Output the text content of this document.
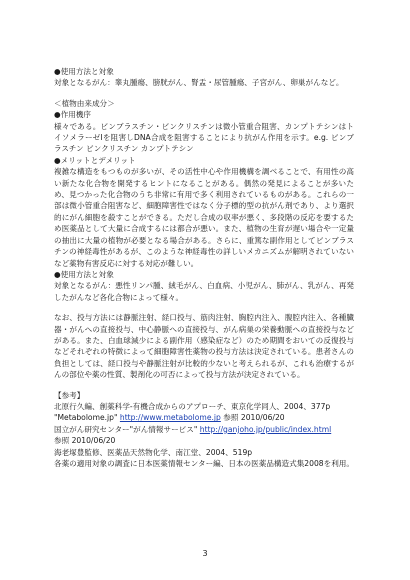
●使用方法と対象

対象となるがん：睾丸腫瘍、膀胱がん、腎盂・尿管腫瘍、子宮がん、卵巣がんなど。

＜植物由来成分＞

●作用機序

様々である。ビンブラスチン・ビンクリスチンは微小管重合阻害、カンプトテシンはトイソメラーゼⅠを阻害しDNA合成を阻害することにより抗がん作用を示す。e.g. ビンブラスチン ビンクリスチン カンプトテシン

●メリットとデメリット

複雑な構造をもつものが多いが、その活性中心や作用機構を調べることで、有用性の高い新たな化合物を開発するヒントになることがある。偶然の発見によることが多いため、見つかった化合物のうち非常に有用で多く利用されているものがある。これらの一部は微小管重合阻害など、細胞障害性ではなく分子標的型の抗がん剤であり、より選択的にがん細胞を殺すことができる。ただし合成の収率が悪く、多段階の反応を要するため医薬品として大量に合成するには都合が悪い。また、植物の生育が遅い場合や一定量の抽出に大量の植物が必要となる場合がある。さらに、重篤な副作用としてビンブラスチンの神経毒性があるが、このような神経毒性の詳しいメカニズムが解明されていないなど薬物有害反応に対する対応が難しい。

●使用方法と対象

対象となるがん：悪性リンパ腫、絨毛がん、白血病、小児がん、肺がん、乳がん、再発したがんなど各化合物によって様々。

なお、投与方法には静脈注射、経口投与、筋肉注射、胸腔内注入、腹腔内注入、各種臓器・がんへの直接投与、中心静脈への直接投与、がん病巣の栄養動脈への直接投与などがある。また、白血球減少による副作用（感染症など）のため期間をおいての反復投与などそれぞれの特徴によって細胞障害性薬物の投与方法は決定されている。患者さんの負担としては、経口投与や静脈注射が比較的少ないと考えられるが、これも治療するがんの部位や薬の性質、製剤化の可否によって投与方法が決定されている。

【参考】

北原行久編、創薬科学-有機合成からのアプローチ、東京化学同人、2004、377p

"Metabolome.jp" http://www.metabolome.jp 参照 2010/06/20

国立がん研究センター"がん情報サービス" http://ganjoho.jp/public/index.html

参照 2010/06/20

海老塚豊監修、医薬品天然物化学、南江堂、2004、519p

各薬の適用対象の調査に日本医薬情報センター編、日本の医薬品構造式集2008を利用。

3
